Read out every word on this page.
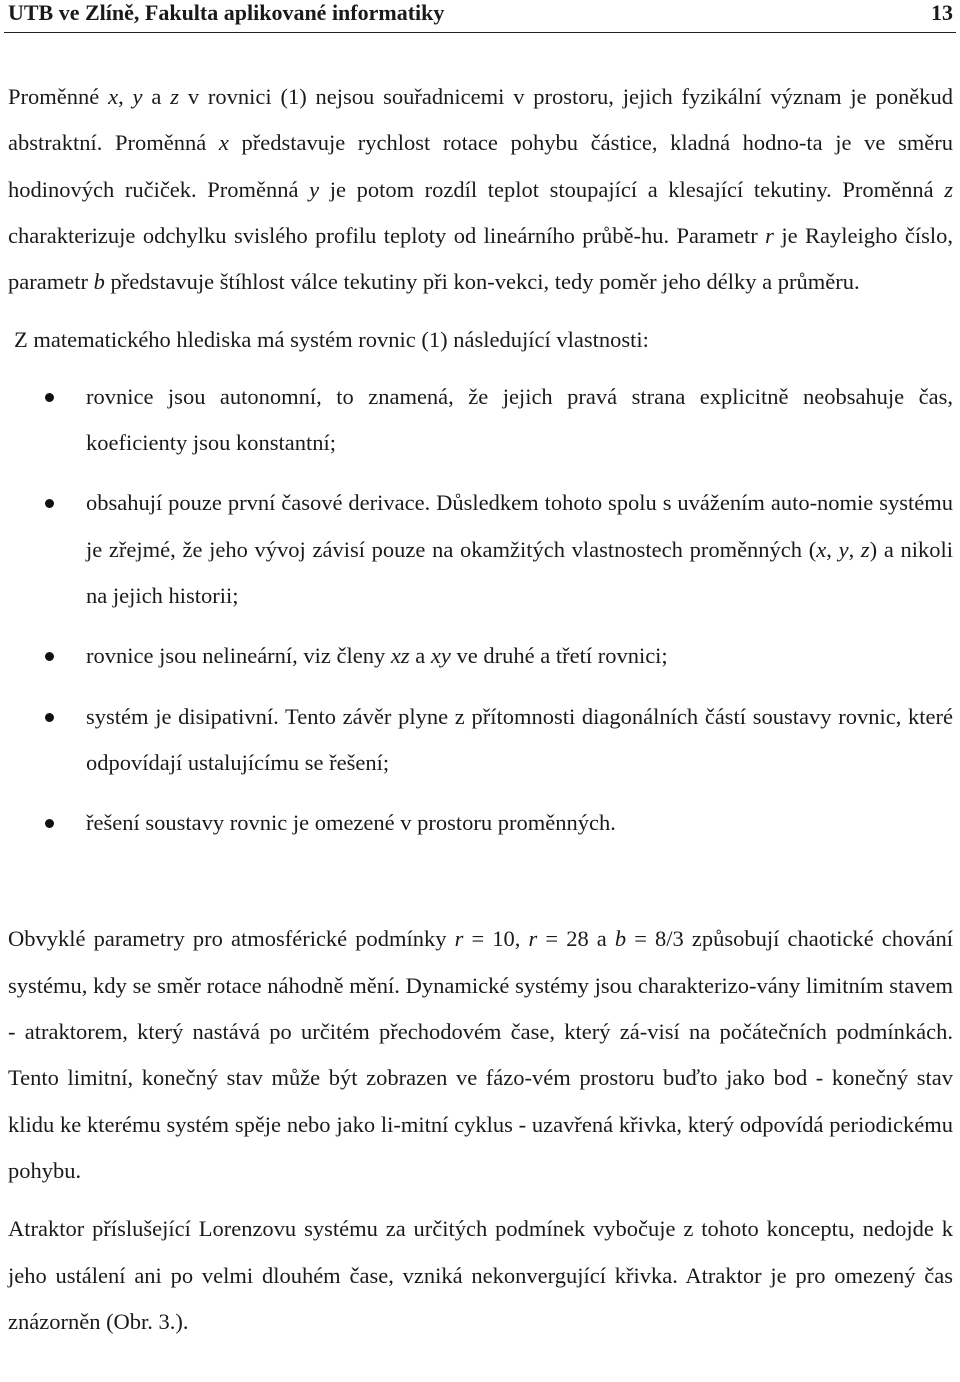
UTB ve Zlíně, Fakulta aplikované informatiky	13

Proměnné x, y a z v rovnici (1) nejsou souřadnicemi v prostoru, jejich fyzikální význam je poněkud abstraktní. Proměnná x představuje rychlost rotace pohybu částice, kladná hodno-ta je ve směru hodinových ručiček. Proměnná y je potom rozdíl teplot stoupající a klesající tekutiny. Proměnná z charakterizuje odchylku svislého profilu teploty od lineárního průbě-hu. Parametr r je Rayleigho číslo, parametr b představuje štíhlost válce tekutiny při kon-vekci, tedy poměr jeho délky a průměru.

Z matematického hlediska má systém rovnic (1) následující vlastnosti:

rovnice jsou autonomní, to znamená, že jejich pravá strana explicitně neobsahuje čas, koeficienty jsou konstantní;
obsahují pouze první časové derivace. Důsledkem tohoto spolu s uvážením auto-nomie systému je zřejmé, že jeho vývoj závisí pouze na okamžitých vlastnostech proměnných (x, y, z) a nikoli na jejich historii;
rovnice jsou nelineární, viz členy xz a xy ve druhé a třetí rovnici;
systém je disipativní. Tento závěr plyne z přítomnosti diagonálních částí soustavy rovnic, které odpovídají ustalujícímu se řešení;
řešení soustavy rovnic je omezené v prostoru proměnných.

Obvyklé parametry pro atmosférické podmínky r = 10, r = 28 a b = 8/3 způsobují chaotické chování systému, kdy se směr rotace náhodně mění. Dynamické systémy jsou charakterizo-vány limitním stavem - atraktorem, který nastává po určitém přechodovém čase, který zá-visí na počátečních podmínkách. Tento limitní, konečný stav může být zobrazen ve fázo-vém prostoru buďto jako bod - konečný stav klidu ke kterému systém spěje nebo jako li-mitní cyklus - uzavřená křivka, který odpovídá periodickému pohybu.

Atraktor příslušející Lorenzovu systému za určitých podmínek vybočuje z tohoto konceptu, nedojde k jeho ustálení ani po velmi dlouhém čase, vzniká nekonvergující křivka. Atraktor je pro omezený čas znázorněn (Obr. 3.).
